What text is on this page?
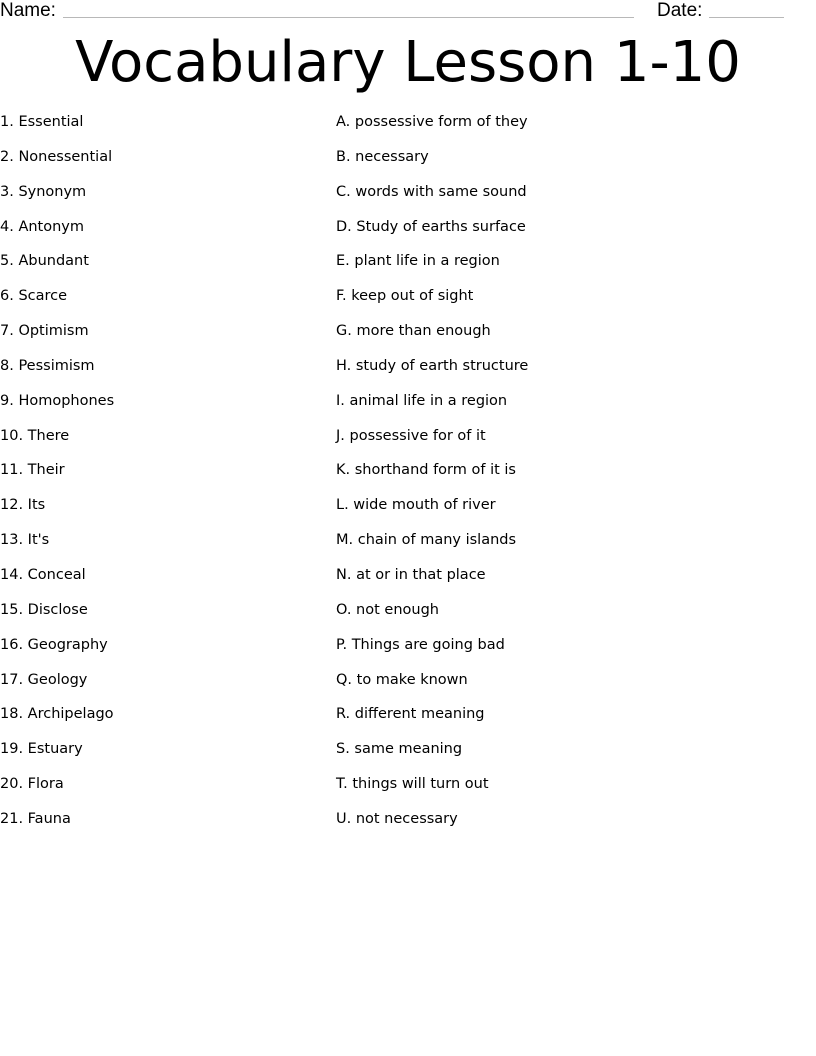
Name:	Date:
Vocabulary Lesson 1-10
1. Essential
2. Nonessential
3. Synonym
4. Antonym
5. Abundant
6. Scarce
7. Optimism
8. Pessimism
9. Homophones
10. There
11. Their
12. Its
13. It's
14. Conceal
15. Disclose
16. Geography
17. Geology
18. Archipelago
19. Estuary
20. Flora
21. Fauna
A. possessive form of they
B. necessary
C. words with same sound
D. Study of earths surface
E. plant life in a region
F. keep out of sight
G. more than enough
H. study of earth structure
I. animal life in a region
J. possessive for of it
K. shorthand form of it is
L. wide mouth of river
M. chain of many islands
N. at or in that place
O. not enough
P. Things are going bad
Q. to make known
R. different meaning
S. same meaning
T. things will turn out
U. not necessary
